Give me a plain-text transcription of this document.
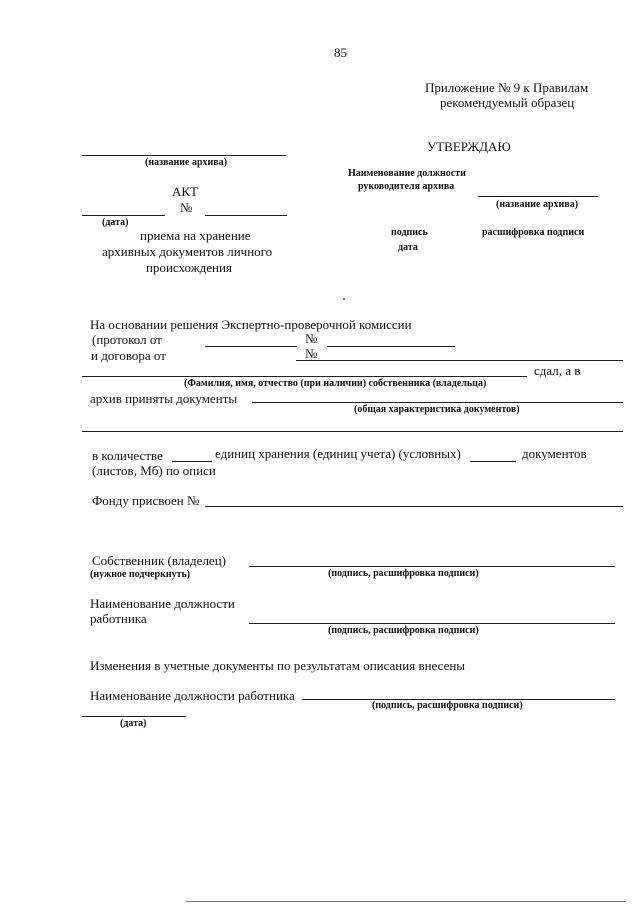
85
Приложение № 9 к Правилам
рекомендуемый образец
УТВЕРЖДАЮ
Наименование должности
руководителя архива
(название архива)
подпись	расшифровка подписи
дата
(название архива)
АКТ
№
(дата)
приема на хранение
архивных документов личного
происхождения
На основании решения Экспертно-проверочной комиссии
(протокол от	№
и договора от	№
сдал, а в
(Фамилия, имя, отчество (при наличии) собственника (владельца)
архив приняты документы
(общая характеристика документов)
в количестве	единиц хранения (единиц учета) (условных)	документов
(листов, Мб) по описи
Фонду присвоен №
Собственник (владелец)
(нужное подчеркнуть)	(подпись, расшифровка подписи)
Наименование должности
работника
(подпись, расшифровка подписи)
Изменения в учетные документы по результатам описания внесены
Наименование должности работника
(подпись, расшифровка подписи)
(дата)
